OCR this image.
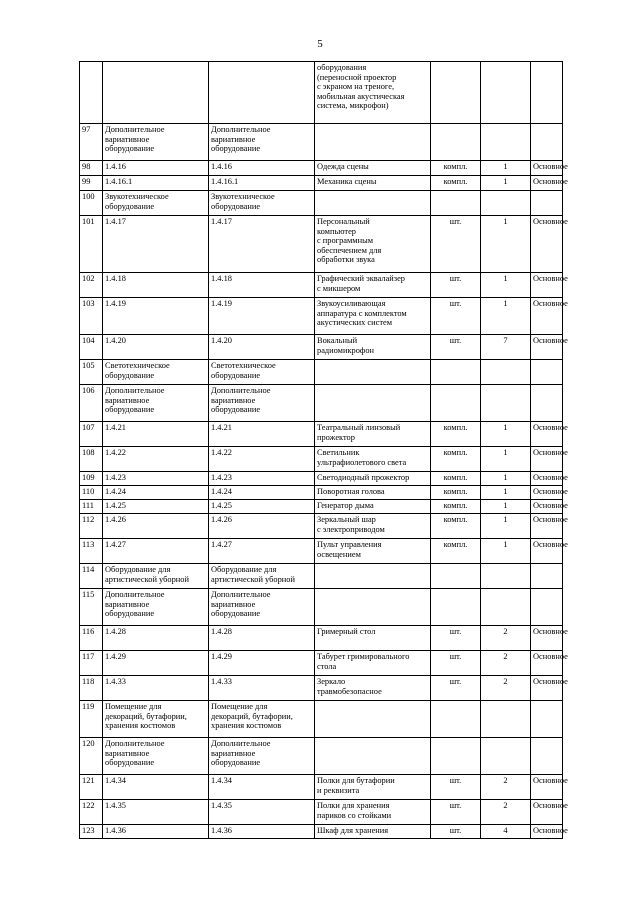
5
			оборудования
(переносной проектор
с экраном на треноге,
мобильная акустическая
система, микрофон)			
97	Дополнительное
вариативное
оборудование	Дополнительное
вариативное
оборудование				
98	1.4.16	1.4.16	Одежда сцены	компл.	1	Основное
99	1.4.16.1	1.4.16.1	Механика сцены	компл.	1	Основное
100	Звукотехническое
оборудование	Звукотехническое
оборудование				
101	1.4.17	1.4.17	Персональный
компьютер
с программным
обеспечением для
обработки звука	шт.	1	Основное
102	1.4.18	1.4.18	Графический эквалайзер
с микшером	шт.	1	Основное
103	1.4.19	1.4.19	Звукоусиливающая
аппаратура с комплектом
акустических систем	шт.	1	Основное
104	1.4.20	1.4.20	Вокальный
радиомикрофон	шт.	7	Основное
105	Светотехническое
оборудование	Светотехническое
оборудование				
106	Дополнительное
вариативное
оборудование	Дополнительное
вариативное
оборудование				
107	1.4.21	1.4.21	Театральный линзовый
прожектор	компл.	1	Основное
108	1.4.22	1.4.22	Светильник
ультрафиолетового света	компл.	1	Основное
109	1.4.23	1.4.23	Светодиодный прожектор	компл.	1	Основное
110	1.4.24	1.4.24	Поворотная голова	компл.	1	Основное
111	1.4.25	1.4.25	Генератор дыма	компл.	1	Основное
112	1.4.26	1.4.26	Зеркальный шар
с электроприводом	компл.	1	Основное
113	1.4.27	1.4.27	Пульт управления
освещением	компл.	1	Основное
114	Оборудование для
артистической уборной	Оборудование для
артистической уборной				
115	Дополнительное
вариативное
оборудование	Дополнительное
вариативное
оборудование				
116	1.4.28	1.4.28	Гримерный стол	шт.	2	Основное
117	1.4.29	1.4.29	Табурет гримировального
стола	шт.	2	Основное
118	1.4.33	1.4.33	Зеркало
травмобезопасное	шт.	2	Основное
119	Помещение для
декораций, бутафории,
хранения костюмов	Помещение для
декораций, бутафории,
хранения костюмов				
120	Дополнительное
вариативное
оборудование	Дополнительное
вариативное
оборудование				
121	1.4.34	1.4.34	Полки для бутафории
и реквизита	шт.	2	Основное
122	1.4.35	1.4.35	Полки для хранения
париков со стойками	шт.	2	Основное
123	1.4.36	1.4.36	Шкаф для хранения	шт.	4	Основное
